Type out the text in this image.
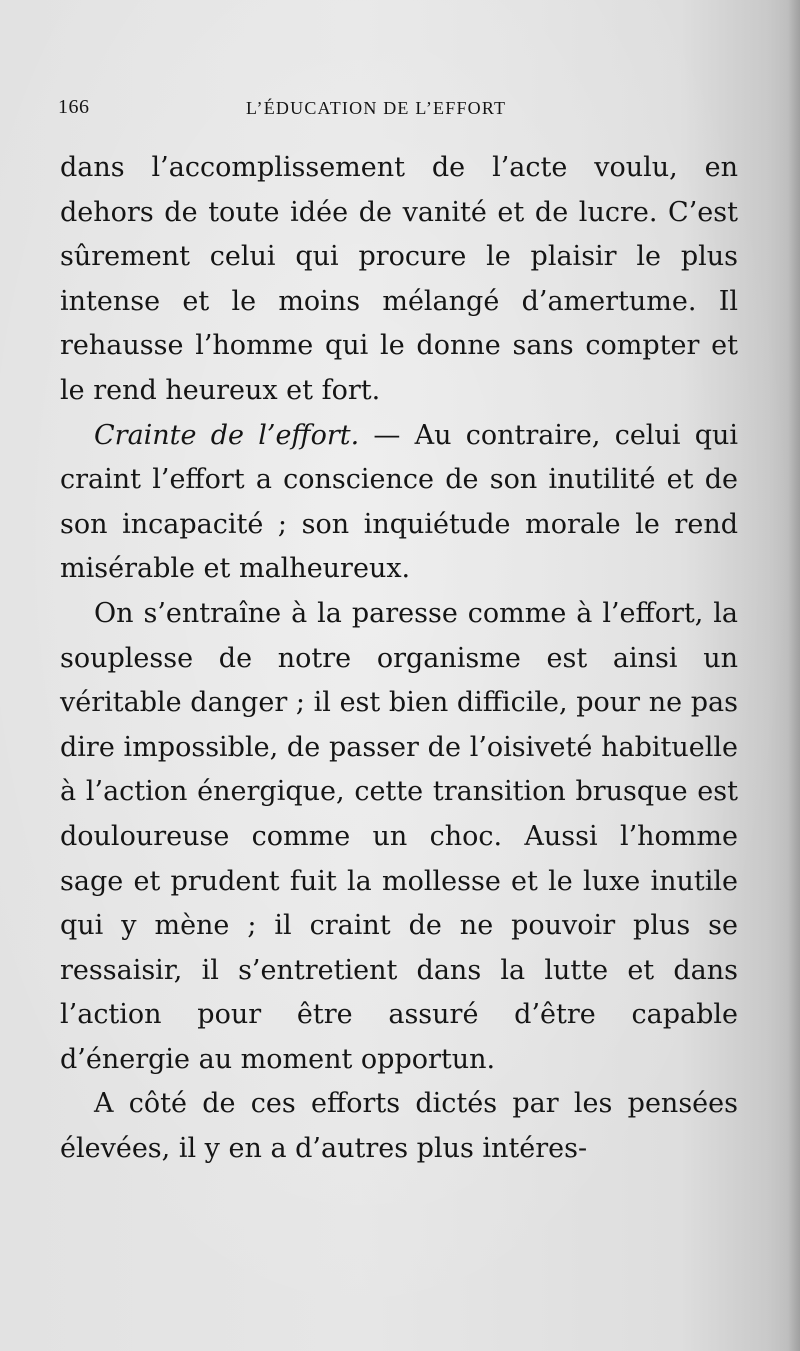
166	L’ÉDUCATION DE L’EFFORT

dans l’accomplissement de l’acte voulu, en dehors de toute idée de vanité et de lucre. C’est sûrement celui qui procure le plaisir le plus intense et le moins mélangé d’amertume. Il rehausse l’homme qui le donne sans compter et le rend heureux et fort.

Crainte de l’effort. — Au contraire, celui qui craint l’effort a conscience de son inutilité et de son incapacité ; son inquiétude morale le rend misérable et malheureux.

On s’entraîne à la paresse comme à l’effort, la souplesse de notre organisme est ainsi un véritable danger ; il est bien difficile, pour ne pas dire impossible, de passer de l’oisiveté habituelle à l’action énergique, cette transition brusque est douloureuse comme un choc. Aussi l’homme sage et prudent fuit la mollesse et le luxe inutile qui y mène ; il craint de ne pouvoir plus se ressaisir, il s’entretient dans la lutte et dans l’action pour être assuré d’être capable d’énergie au moment opportun.

A côté de ces efforts dictés par les pensées élevées, il y en a d’autres plus intéres-
